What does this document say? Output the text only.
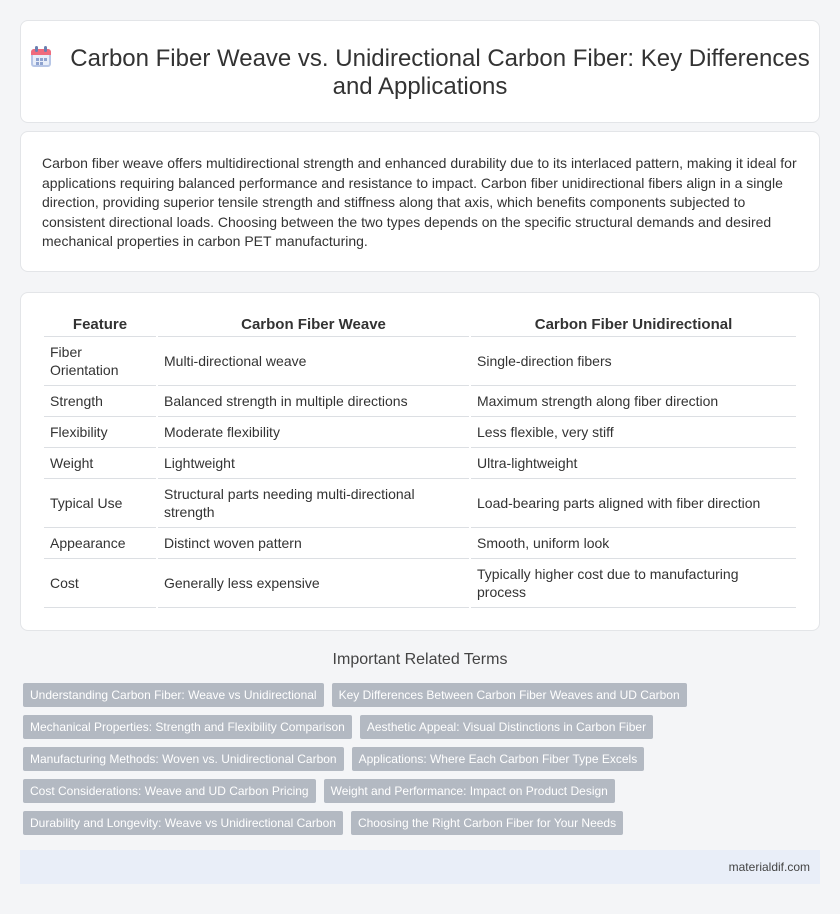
Carbon Fiber Weave vs. Unidirectional Carbon Fiber: Key Differences and Applications

Carbon fiber weave offers multidirectional strength and enhanced durability due to its interlaced pattern, making it ideal for applications requiring balanced performance and resistance to impact. Carbon fiber unidirectional fibers align in a single direction, providing superior tensile strength and stiffness along that axis, which benefits components subjected to consistent directional loads. Choosing between the two types depends on the specific structural demands and desired mechanical properties in carbon PET manufacturing.

Feature	Carbon Fiber Weave	Carbon Fiber Unidirectional
Fiber Orientation	Multi-directional weave	Single-direction fibers
Strength	Balanced strength in multiple directions	Maximum strength along fiber direction
Flexibility	Moderate flexibility	Less flexible, very stiff
Weight	Lightweight	Ultra-lightweight
Typical Use	Structural parts needing multi-directional strength	Load-bearing parts aligned with fiber direction
Appearance	Distinct woven pattern	Smooth, uniform look
Cost	Generally less expensive	Typically higher cost due to manufacturing process
Important Related Terms
Understanding Carbon Fiber: Weave vs Unidirectional	Key Differences Between Carbon Fiber Weaves and UD Carbon
Mechanical Properties: Strength and Flexibility Comparison	Aesthetic Appeal: Visual Distinctions in Carbon Fiber
Manufacturing Methods: Woven vs. Unidirectional Carbon	Applications: Where Each Carbon Fiber Type Excels
Cost Considerations: Weave and UD Carbon Pricing	Weight and Performance: Impact on Product Design
Durability and Longevity: Weave vs Unidirectional Carbon	Choosing the Right Carbon Fiber for Your Needs
materialdif.com
